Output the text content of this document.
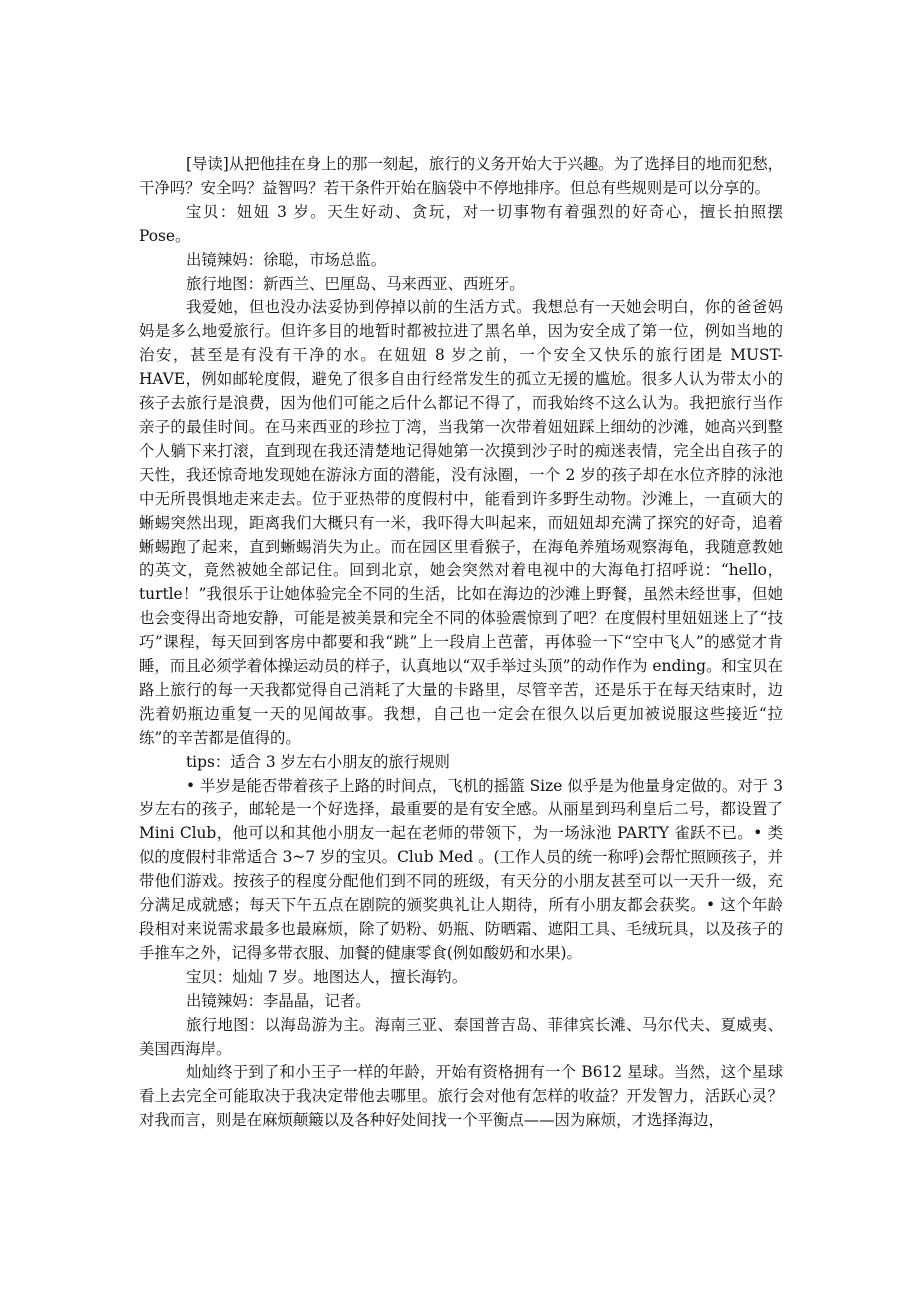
[导读]从把他挂在身上的那一刻起，旅行的义务开始大于兴趣。为了选择目的地而犯愁，干净吗？安全吗？益智吗？若干条件开始在脑袋中不停地排序。但总有些规则是可以分享的。

宝贝：妞妞 3 岁。天生好动、贪玩，对一切事物有着强烈的好奇心，擅长拍照摆 Pose。

出镜辣妈：徐聪，市场总监。

旅行地图：新西兰、巴厘岛、马来西亚、西班牙。

我爱她，但也没办法妥协到停掉以前的生活方式。我想总有一天她会明白，你的爸爸妈妈是多么地爱旅行。但许多目的地暂时都被拉进了黑名单，因为安全成了第一位，例如当地的治安，甚至是有没有干净的水。在妞妞 8 岁之前，一个安全又快乐的旅行团是 MUST-HAVE，例如邮轮度假，避免了很多自由行经常发生的孤立无援的尴尬。很多人认为带太小的孩子去旅行是浪费，因为他们可能之后什么都记不得了，而我始终不这么认为。我把旅行当作亲子的最佳时间。在马来西亚的珍拉丁湾，当我第一次带着妞妞踩上细幼的沙滩，她高兴到整个人躺下来打滚，直到现在我还清楚地记得她第一次摸到沙子时的痴迷表情，完全出自孩子的天性，我还惊奇地发现她在游泳方面的潜能，没有泳圈，一个 2 岁的孩子却在水位齐脖的泳池中无所畏惧地走来走去。位于亚热带的度假村中，能看到许多野生动物。沙滩上，一直硕大的蜥蜴突然出现，距离我们大概只有一米，我吓得大叫起来，而妞妞却充满了探究的好奇，追着蜥蜴跑了起来，直到蜥蜴消失为止。而在园区里看猴子，在海龟养殖场观察海龟，我随意教她的英文，竟然被她全部记住。回到北京，她会突然对着电视中的大海龟打招呼说：“hello，turtle！”我很乐于让她体验完全不同的生活，比如在海边的沙滩上野餐，虽然未经世事，但她也会变得出奇地安静，可能是被美景和完全不同的体验震惊到了吧？在度假村里妞妞迷上了“技巧”课程，每天回到客房中都要和我“跳”上一段肩上芭蕾，再体验一下“空中飞人”的感觉才肯睡，而且必须学着体操运动员的样子，认真地以“双手举过头顶”的动作作为 ending。和宝贝在路上旅行的每一天我都觉得自己消耗了大量的卡路里，尽管辛苦，还是乐于在每天结束时，边洗着奶瓶边重复一天的见闻故事。我想，自己也一定会在很久以后更加被说服这些接近“拉练”的辛苦都是值得的。

tips：适合 3 岁左右小朋友的旅行规则

• 半岁是能否带着孩子上路的时间点，飞机的摇篮 Size 似乎是为他量身定做的。对于 3 岁左右的孩子，邮轮是一个好选择，最重要的是有安全感。从丽星到玛利皇后二号，都设置了 Mini Club，他可以和其他小朋友一起在老师的带领下，为一场泳池 PARTY 雀跃不已。• 类似的度假村非常适合 3~7 岁的宝贝。Club Med 。(工作人员的统一称呼)会帮忙照顾孩子，并带他们游戏。按孩子的程度分配他们到不同的班级，有天分的小朋友甚至可以一天升一级，充分满足成就感；每天下午五点在剧院的颁奖典礼让人期待，所有小朋友都会获奖。• 这个年龄段相对来说需求最多也最麻烦，除了奶粉、奶瓶、防晒霜、遮阳工具、毛绒玩具，以及孩子的手推车之外，记得多带衣服、加餐的健康零食(例如酸奶和水果)。

宝贝：灿灿 7 岁。地图达人，擅长海钓。

出镜辣妈：李晶晶，记者。

旅行地图：以海岛游为主。海南三亚、泰国普吉岛、菲律宾长滩、马尔代夫、夏威夷、美国西海岸。

灿灿终于到了和小王子一样的年龄，开始有资格拥有一个 B612 星球。当然，这个星球看上去完全可能取决于我决定带他去哪里。旅行会对他有怎样的收益？开发智力，活跃心灵？对我而言，则是在麻烦颠簸以及各种好处间找一个平衡点——因为麻烦，才选择海边，
